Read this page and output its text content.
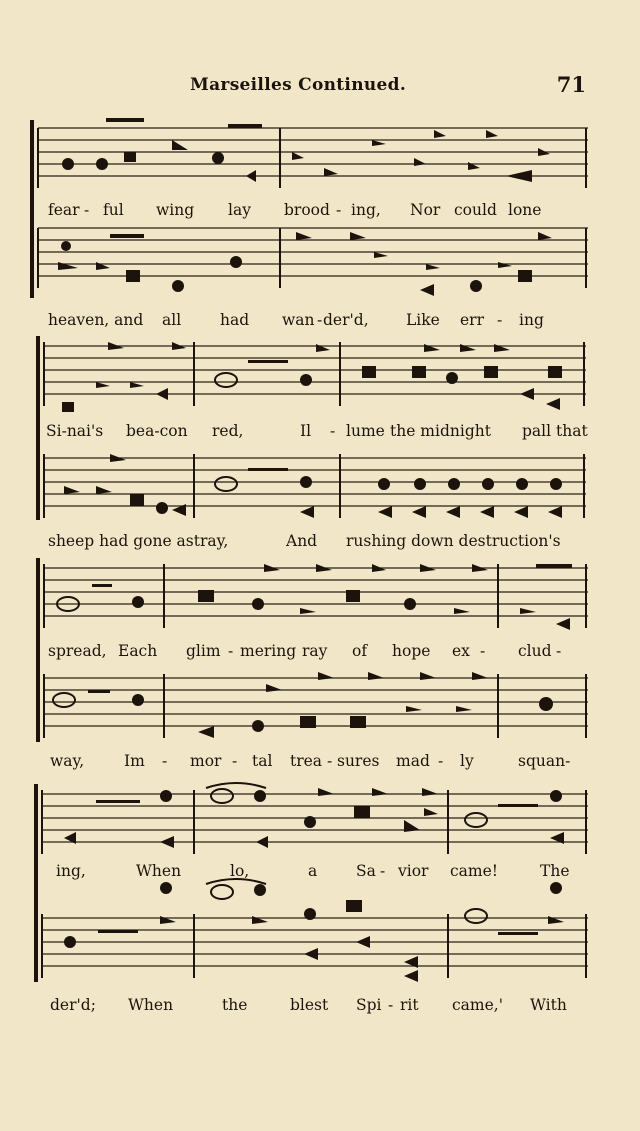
Marseilles Continued.	71
fear - ful wing lay brood - ing, Nor could lone
heaven, and all	had wan - der'd, Like err - ing
Si-nai's bea-con red,	Il - lume the midnight pall that
sheep had gone astray,	And rushing down destruction's
spread, Each glim - mering ray of hope ex - clud -
way,	Im - mor - tal trea - sures mad - ly	squan-
ing,	When	lo,	a	Sa - vior came!	The
der'd; When	the	blest Spi - rit came,' With
